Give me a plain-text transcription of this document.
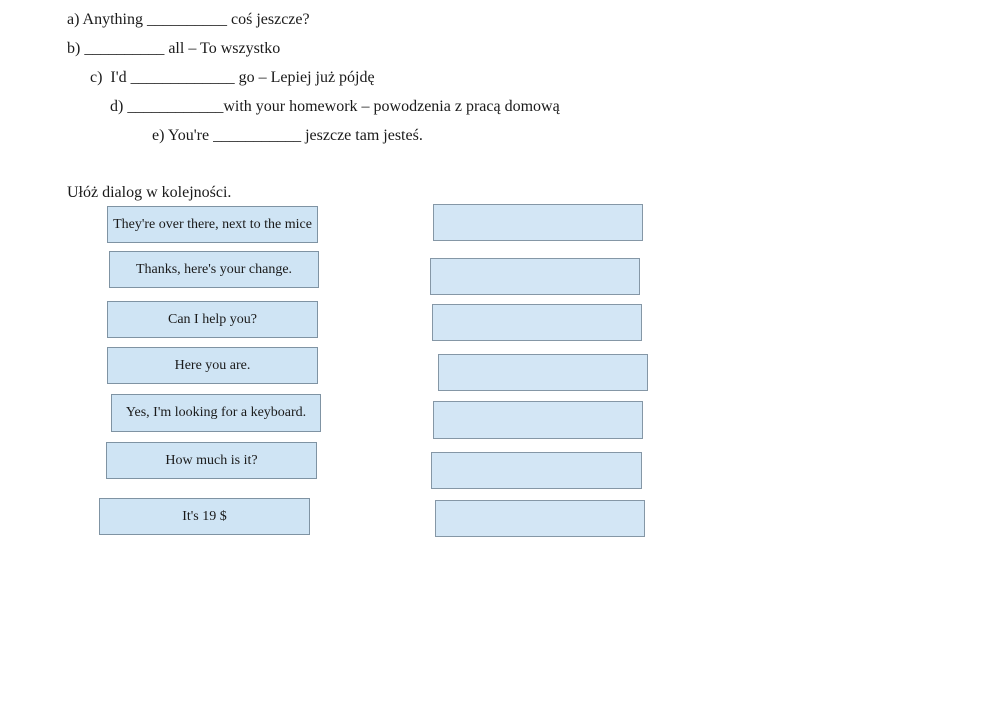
a) Anything __________ coś jeszcze?
b) __________ all – To wszystko
c)  I'd _____________ go – Lepiej już pójdę
d) ____________with your homework – powodzenia z pracą domową
e) You're ___________ jeszcze tam jesteś.
Ułóż dialog w kolejności.
They're over there, next to the mice
Thanks, here's your change.
Can I help you?
Here you are.
Yes, I'm looking for a keyboard.
How much is it?
It's 19 $
